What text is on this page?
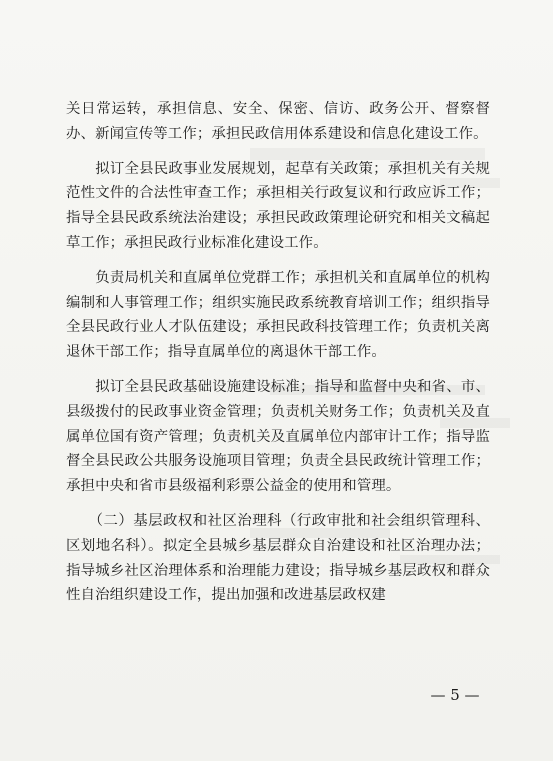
关日常运转，承担信息、安全、保密、信访、政务公开、督察督办、新闻宣传等工作；承担民政信用体系建设和信息化建设工作。

　　拟订全县民政事业发展规划，起草有关政策；承担机关有关规范性文件的合法性审查工作；承担相关行政复议和行政应诉工作；指导全县民政系统法治建设；承担民政政策理论研究和相关文稿起草工作；承担民政行业标准化建设工作。

　　负责局机关和直属单位党群工作；承担机关和直属单位的机构编制和人事管理工作；组织实施民政系统教育培训工作；组织指导全县民政行业人才队伍建设；承担民政科技管理工作；负责机关离退休干部工作；指导直属单位的离退休干部工作。

　　拟订全县民政基础设施建设标准；指导和监督中央和省、市、县级拨付的民政事业资金管理；负责机关财务工作；负责机关及直属单位国有资产管理；负责机关及直属单位内部审计工作；指导监督全县民政公共服务设施项目管理；负责全县民政统计管理工作；承担中央和省市县级福利彩票公益金的使用和管理。

　　（二）基层政权和社区治理科（行政审批和社会组织管理科、区划地名科）。拟定全县城乡基层群众自治建设和社区治理办法；指导城乡社区治理体系和治理能力建设；指导城乡基层政权和群众性自治组织建设工作，提出加强和改进基层政权建

— 5 —
